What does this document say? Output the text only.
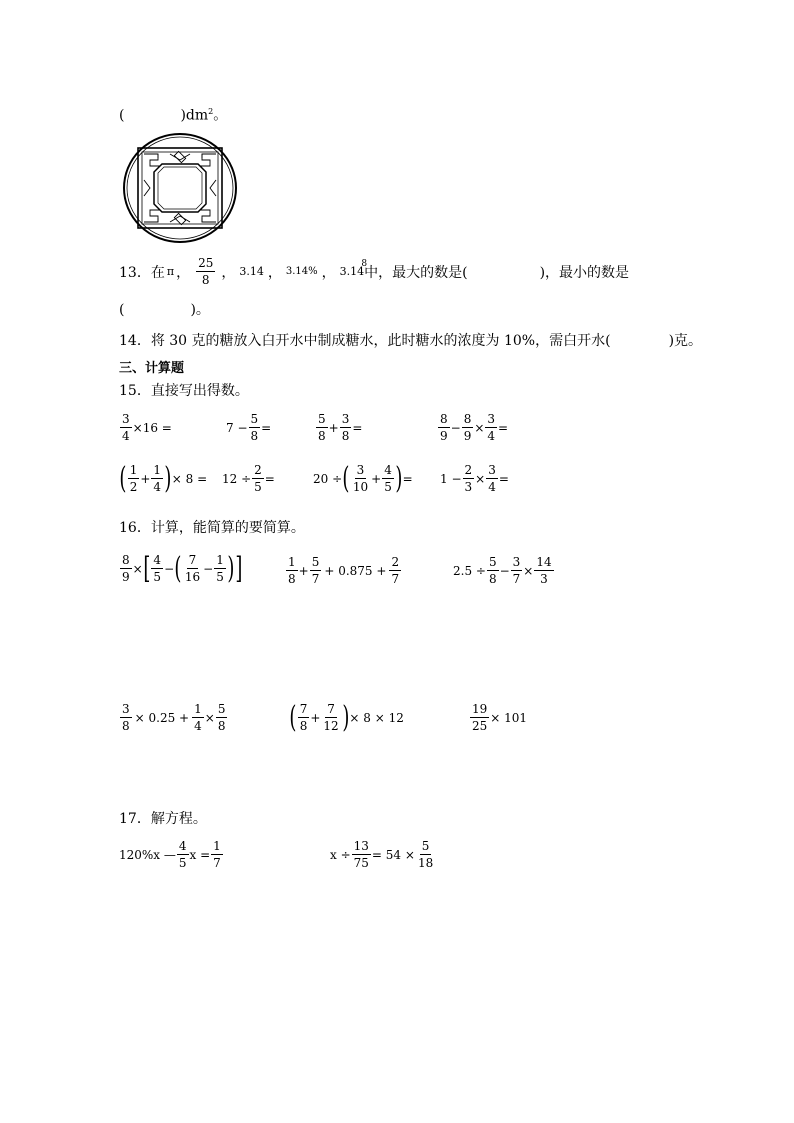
(	)$dm^2$。
13．在 π ， $\frac{25}{8}$ ， 3.14 ， 3.14% ， 3.14
8
中，最大的数是(	)，最小的数是
(	)。
14．将 30 克的糖放入白开水中制成糖水，此时糖水的浓度为 10%，需白开水(	)克。
三、计算题
15．直接写出得数。
$\frac{3}{4} \times 16$ =	$7 - \frac{5}{8}$ =	$\frac{5}{8} + \frac{3}{8}$ =	$\frac{8}{9} - \frac{8}{9} \times \frac{3}{4}$ =
( $\frac{1}{2} + \frac{1}{4}$ ) × $8 = 12 \div \frac{2}{5}$ =	20 ÷ ( $\frac{3}{10} + \frac{4}{5}$ ) = $1 - \frac{2}{3} \times \frac{3}{4}$ =
16．计算，能简算的要简算。
$\frac{8}{9}$ × [ $\frac{4}{5}$ − ( $\frac{7}{16} - \frac{1}{5}$ ) ]	$\frac{1}{8} + \frac{5}{7} + 0.875 + \frac{2}{7}$	$2.5 \div \frac{5}{8} - \frac{3}{7} \times \frac{14}{3}$
$\frac{3}{8} \times 0.25 + \frac{1}{4} \times \frac{5}{8}$ ( $\frac{7}{8} + \frac{7}{12}$ ) × 8 × 12	$\frac{19}{25} \times 101$
17．解方程。
120%x — $\frac{4}{5}$ $x = \frac{1}{7}$	$x \div \frac{13}{75} = 54 \times \frac{5}{18}$
